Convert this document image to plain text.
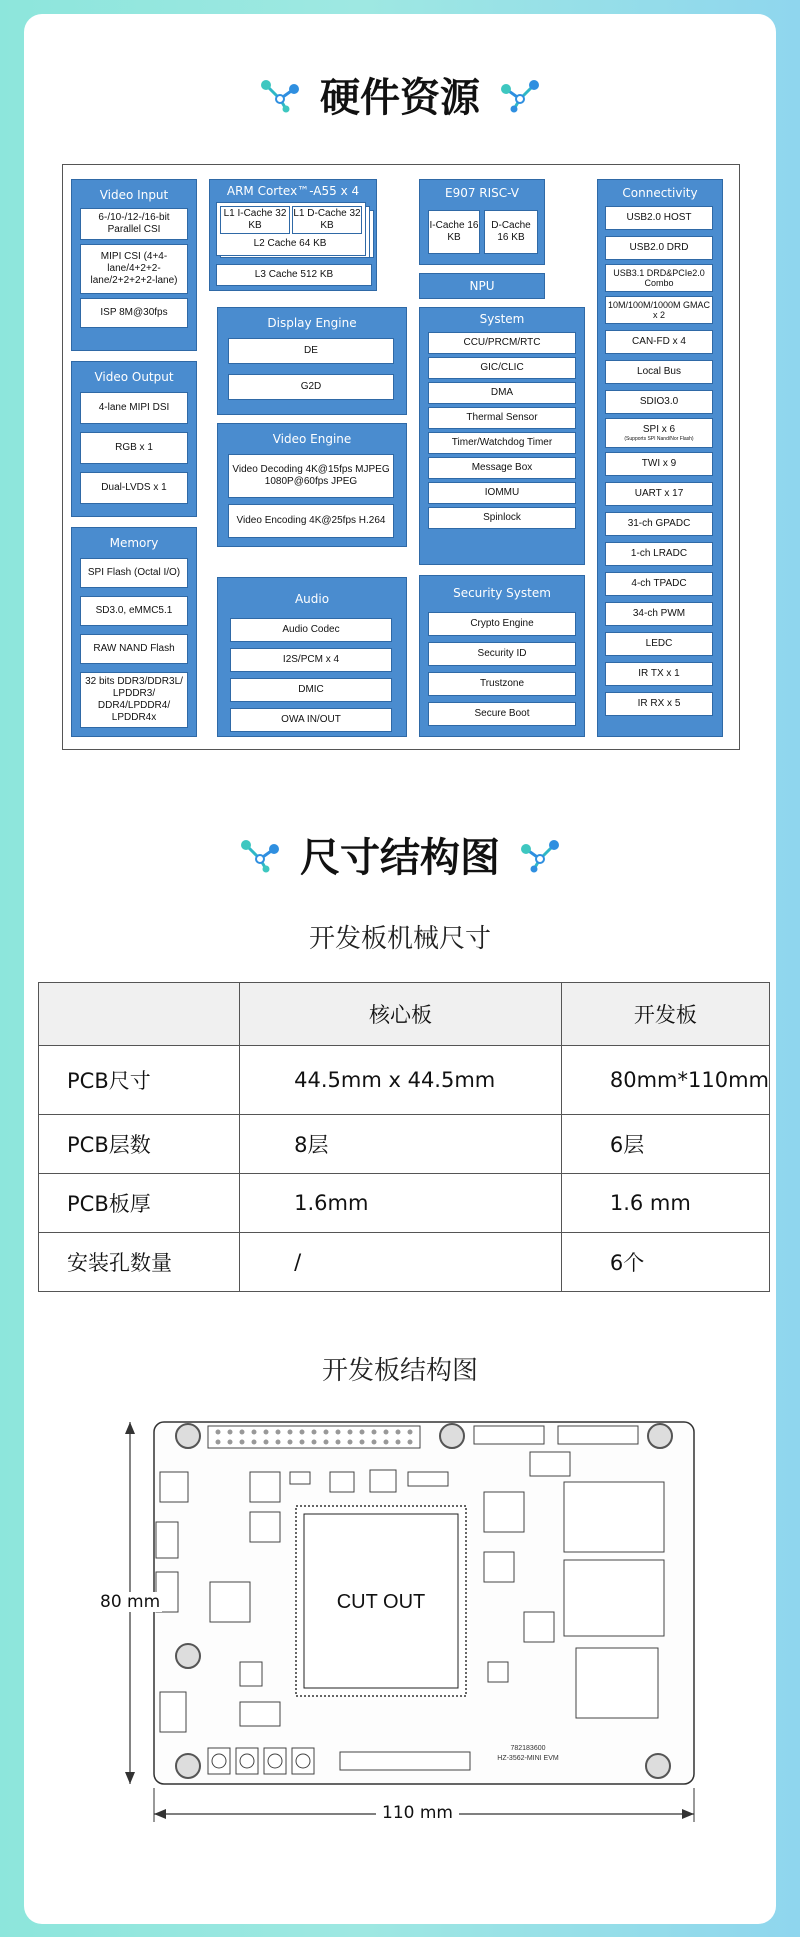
硬件资源
Video Input
6-/10-/12-/16-bit Parallel CSI
MIPI CSI (4+4-lane/4+2+2-lane/2+2+2+2-lane)
ISP 8M@30fps
Video Output
4-lane MIPI DSI
RGB x 1
Dual-LVDS x 1
Memory
SPI Flash (Octal I/O)
SD3.0, eMMC5.1
RAW NAND Flash
32 bits DDR3/DDR3L/ LPDDR3/ DDR4/LPDDR4/ LPDDR4x
ARM Cortex™-A55 x 4
L1 I-Cache 32 KB
L1 D-Cache 32 KB
L2 Cache 64 KB
L3 Cache 512 KB
E907 RISC-V
I-Cache 16 KB
D-Cache 16 KB
NPU
Display Engine
DE
G2D
Video Engine
Video Decoding 4K@15fps MJPEG 1080P@60fps JPEG
Video Encoding 4K@25fps H.264
Audio
Audio Codec
I2S/PCM x 4
DMIC
OWA IN/OUT
System
CCU/PRCM/RTC
GIC/CLIC
DMA
Thermal Sensor
Timer/Watchdog Timer
Message Box
IOMMU
Spinlock
Security System
Crypto Engine
Security ID
Trustzone
Secure Boot
Connectivity
USB2.0 HOST
USB2.0 DRD
USB3.1 DRD&PCIe2.0 Combo
10M/100M/1000M GMAC x 2
CAN-FD x 4
Local Bus
SDIO3.0
SPI x 6
(Supports SPI Nand/Nor Flash)
TWI x 9
UART x 17
31-ch GPADC
1-ch LRADC
4-ch TPADC
34-ch PWM
LEDC
IR TX x 1
IR RX x 5
尺寸结构图
开发板机械尺寸
	核心板	开发板
PCB尺寸	44.5mm x 44.5mm	80mm*110mm
PCB层数	8层	6层
PCB板厚	1.6mm	1.6 mm
安装孔数量	/	6个
开发板结构图
CUT OUT
782183600
HZ-3562-MINI EVM
80 mm
110 mm
